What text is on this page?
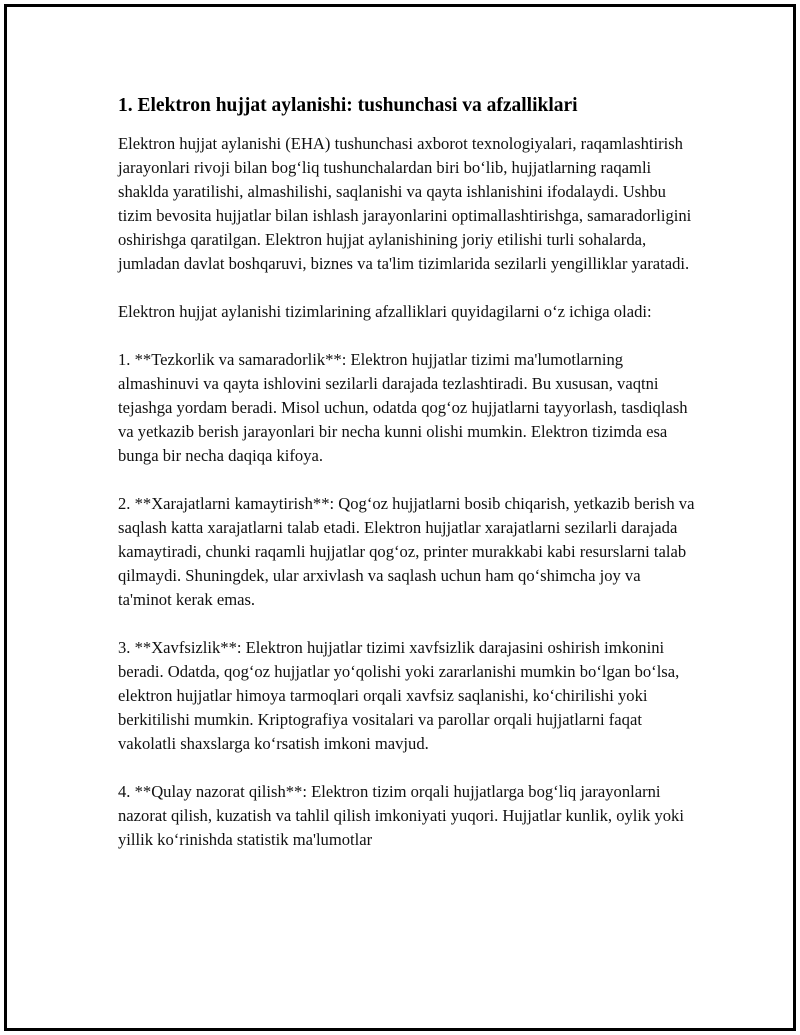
1. Elektron hujjat aylanishi: tushunchasi va afzalliklari

Elektron hujjat aylanishi (EHA) tushunchasi axborot texnologiyalari, raqamlashtirish jarayonlari rivoji bilan bog‘liq tushunchalardan biri bo‘lib, hujjatlarning raqamli shaklda yaratilishi, almashilishi, saqlanishi va qayta ishlanishini ifodalaydi. Ushbu tizim bevosita hujjatlar bilan ishlash jarayonlarini optimallashtirishga, samaradorligini oshirishga qaratilgan. Elektron hujjat aylanishining joriy etilishi turli sohalarda, jumladan davlat boshqaruvi, biznes va ta'lim tizimlarida sezilarli yengilliklar yaratadi.

Elektron hujjat aylanishi tizimlarining afzalliklari quyidagilarni o‘z ichiga oladi:

1. **Tezkorlik va samaradorlik**: Elektron hujjatlar tizimi ma'lumotlarning almashinuvi va qayta ishlovini sezilarli darajada tezlashtiradi. Bu xususan, vaqtni tejashga yordam beradi. Misol uchun, odatda qog‘oz hujjatlarni tayyorlash, tasdiqlash va yetkazib berish jarayonlari bir necha kunni olishi mumkin. Elektron tizimda esa bunga bir necha daqiqa kifoya.

2. **Xarajatlarni kamaytirish**: Qog‘oz hujjatlarni bosib chiqarish, yetkazib berish va saqlash katta xarajatlarni talab etadi. Elektron hujjatlar xarajatlarni sezilarli darajada kamaytiradi, chunki raqamli hujjatlar qog‘oz, printer murakkabi kabi resurslarni talab qilmaydi. Shuningdek, ular arxivlash va saqlash uchun ham qo‘shimcha joy va ta'minot kerak emas.

3. **Xavfsizlik**: Elektron hujjatlar tizimi xavfsizlik darajasini oshirish imkonini beradi. Odatda, qog‘oz hujjatlar yo‘qolishi yoki zararlanishi mumkin bo‘lgan bo‘lsa, elektron hujjatlar himoya tarmoqlari orqali xavfsiz saqlanishi, ko‘chirilishi yoki berkitilishi mumkin. Kriptografiya vositalari va parollar orqali hujjatlarni faqat vakolatli shaxslarga ko‘rsatish imkoni mavjud.

4. **Qulay nazorat qilish**: Elektron tizim orqali hujjatlarga bog‘liq jarayonlarni nazorat qilish, kuzatish va tahlil qilish imkoniyati yuqori. Hujjatlar kunlik, oylik yoki yillik ko‘rinishda statistik ma'lumotlar
